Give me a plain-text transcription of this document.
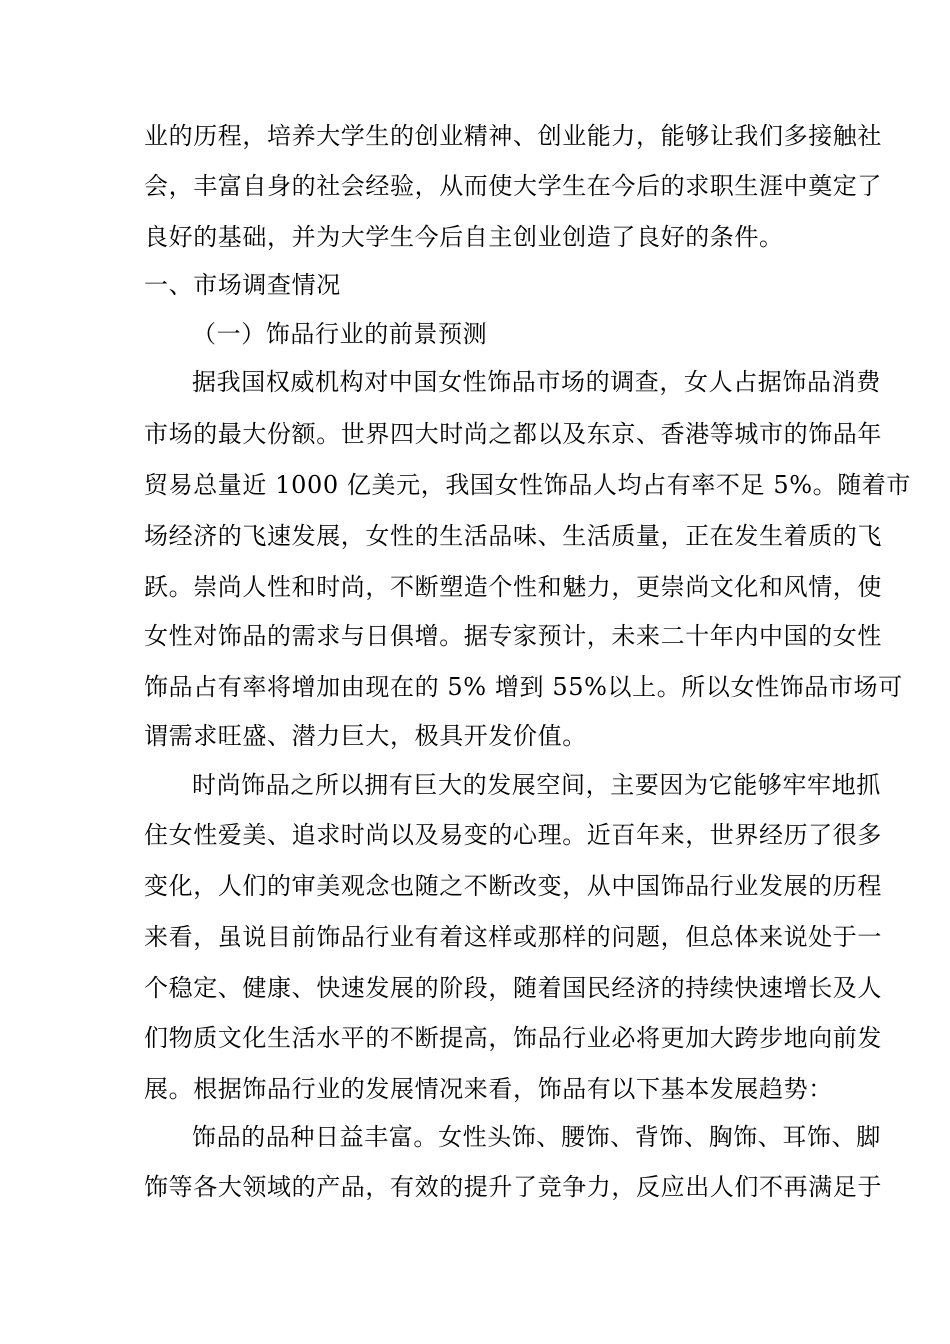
业的历程，培养大学生的创业精神、创业能力，能够让我们多接触社
会，丰富自身的社会经验，从而使大学生在今后的求职生涯中奠定了
良好的基础，并为大学生今后自主创业创造了良好的条件。
一、市场调查情况
（一）饰品行业的前景预测
据我国权威机构对中国女性饰品市场的调查，女人占据饰品消费
市场的最大份额。世界四大时尚之都以及东京、香港等城市的饰品年
贸易总量近 1000 亿美元，我国女性饰品人均占有率不足 5%。随着市
场经济的飞速发展，女性的生活品味、生活质量，正在发生着质的飞
跃。崇尚人性和时尚，不断塑造个性和魅力，更崇尚文化和风情，使
女性对饰品的需求与日俱增。据专家预计，未来二十年内中国的女性
饰品占有率将增加由现在的 5% 增到 55%以上。所以女性饰品市场可
谓需求旺盛、潜力巨大，极具开发价值。
时尚饰品之所以拥有巨大的发展空间，主要因为它能够牢牢地抓
住女性爱美、追求时尚以及易变的心理。近百年来，世界经历了很多
变化，人们的审美观念也随之不断改变，从中国饰品行业发展的历程
来看，虽说目前饰品行业有着这样或那样的问题，但总体来说处于一
个稳定、健康、快速发展的阶段，随着国民经济的持续快速增长及人
们物质文化生活水平的不断提高，饰品行业必将更加大跨步地向前发
展。根据饰品行业的发展情况来看，饰品有以下基本发展趋势：
饰品的品种日益丰富。女性头饰、腰饰、背饰、胸饰、耳饰、脚
饰等各大领域的产品，有效的提升了竞争力，反应出人们不再满足于
